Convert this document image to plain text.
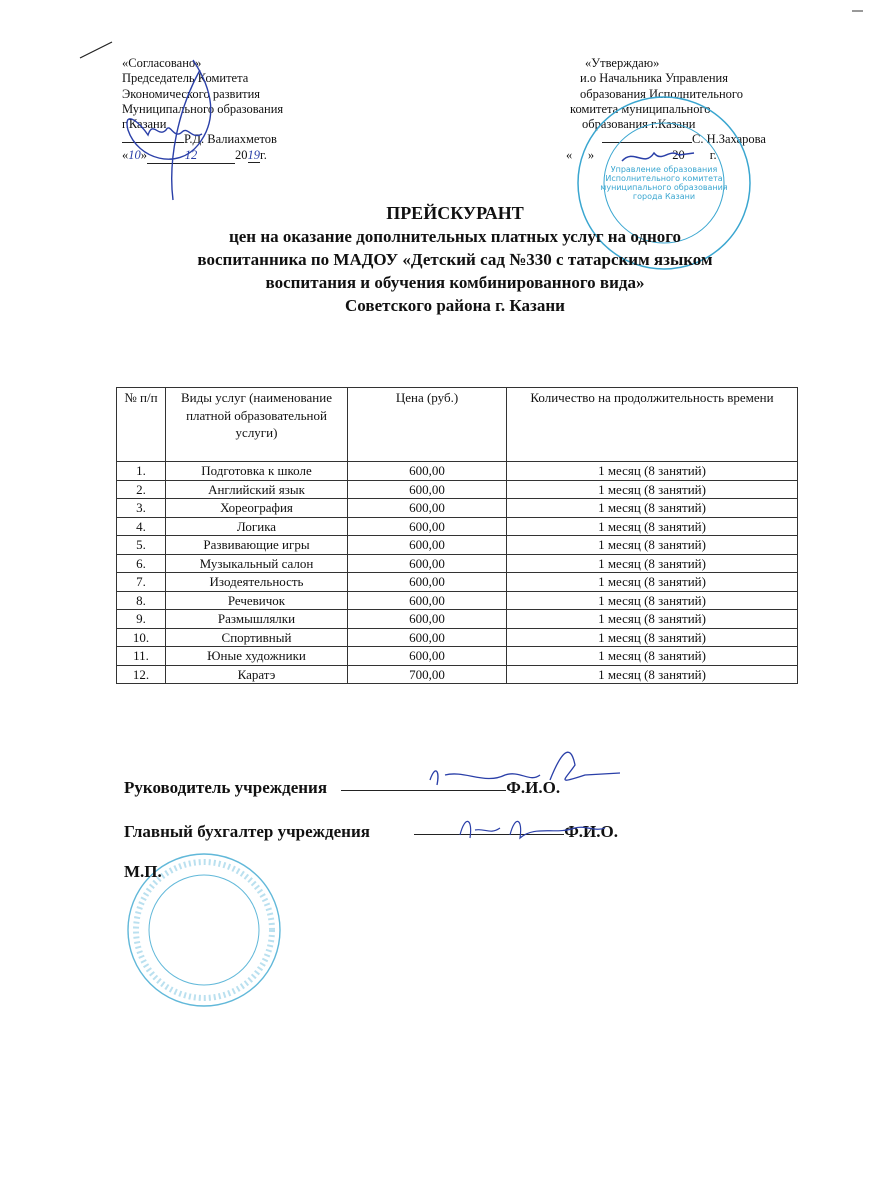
«Согласовано»
Председатель Комитета
Экономического развития
Муниципального образования
г.Казани
Р.Д. Валиахметов
«10»	12	2019г.
«Утверждаю»
и.о Начальника Управления
образования Исполнительного
комитета муниципального
образования г.Казани
С. Н.Захарова
«     »                         20        г.
Управление образования
Исполнительного комитета
муниципального образования
города Казани
ПРЕЙСКУРАНТ
цен на оказание дополнительных платных услуг на одного
воспитанника по МАДОУ «Детский сад №330 с татарским языком
воспитания и обучения комбинированного вида»
Советского района г. Казани
№ п/п	Виды услуг (наименование платной образовательной услуги)	Цена (руб.)	Количество на продолжительность времени
1.	Подготовка к школе	600,00	1 месяц (8 занятий)
2.	Английский язык	600,00	1 месяц (8 занятий)
3.	Хореография	600,00	1 месяц (8 занятий)
4.	Логика	600,00	1 месяц (8 занятий)
5.	Развивающие игры	600,00	1 месяц (8 занятий)
6.	Музыкальный салон	600,00	1 месяц (8 занятий)
7.	Изодеятельность	600,00	1 месяц (8 занятий)
8.	Речевичок	600,00	1 месяц (8 занятий)
9.	Размышлялки	600,00	1 месяц (8 занятий)
10.	Спортивный	600,00	1 месяц (8 занятий)
11.	Юные художники	600,00	1 месяц (8 занятий)
12.	Каратэ	700,00	1 месяц (8 занятий)
Руководитель учреждения	Ф.И.О.
Главный бухгалтер учреждения	Ф.И.О.
М.П.
